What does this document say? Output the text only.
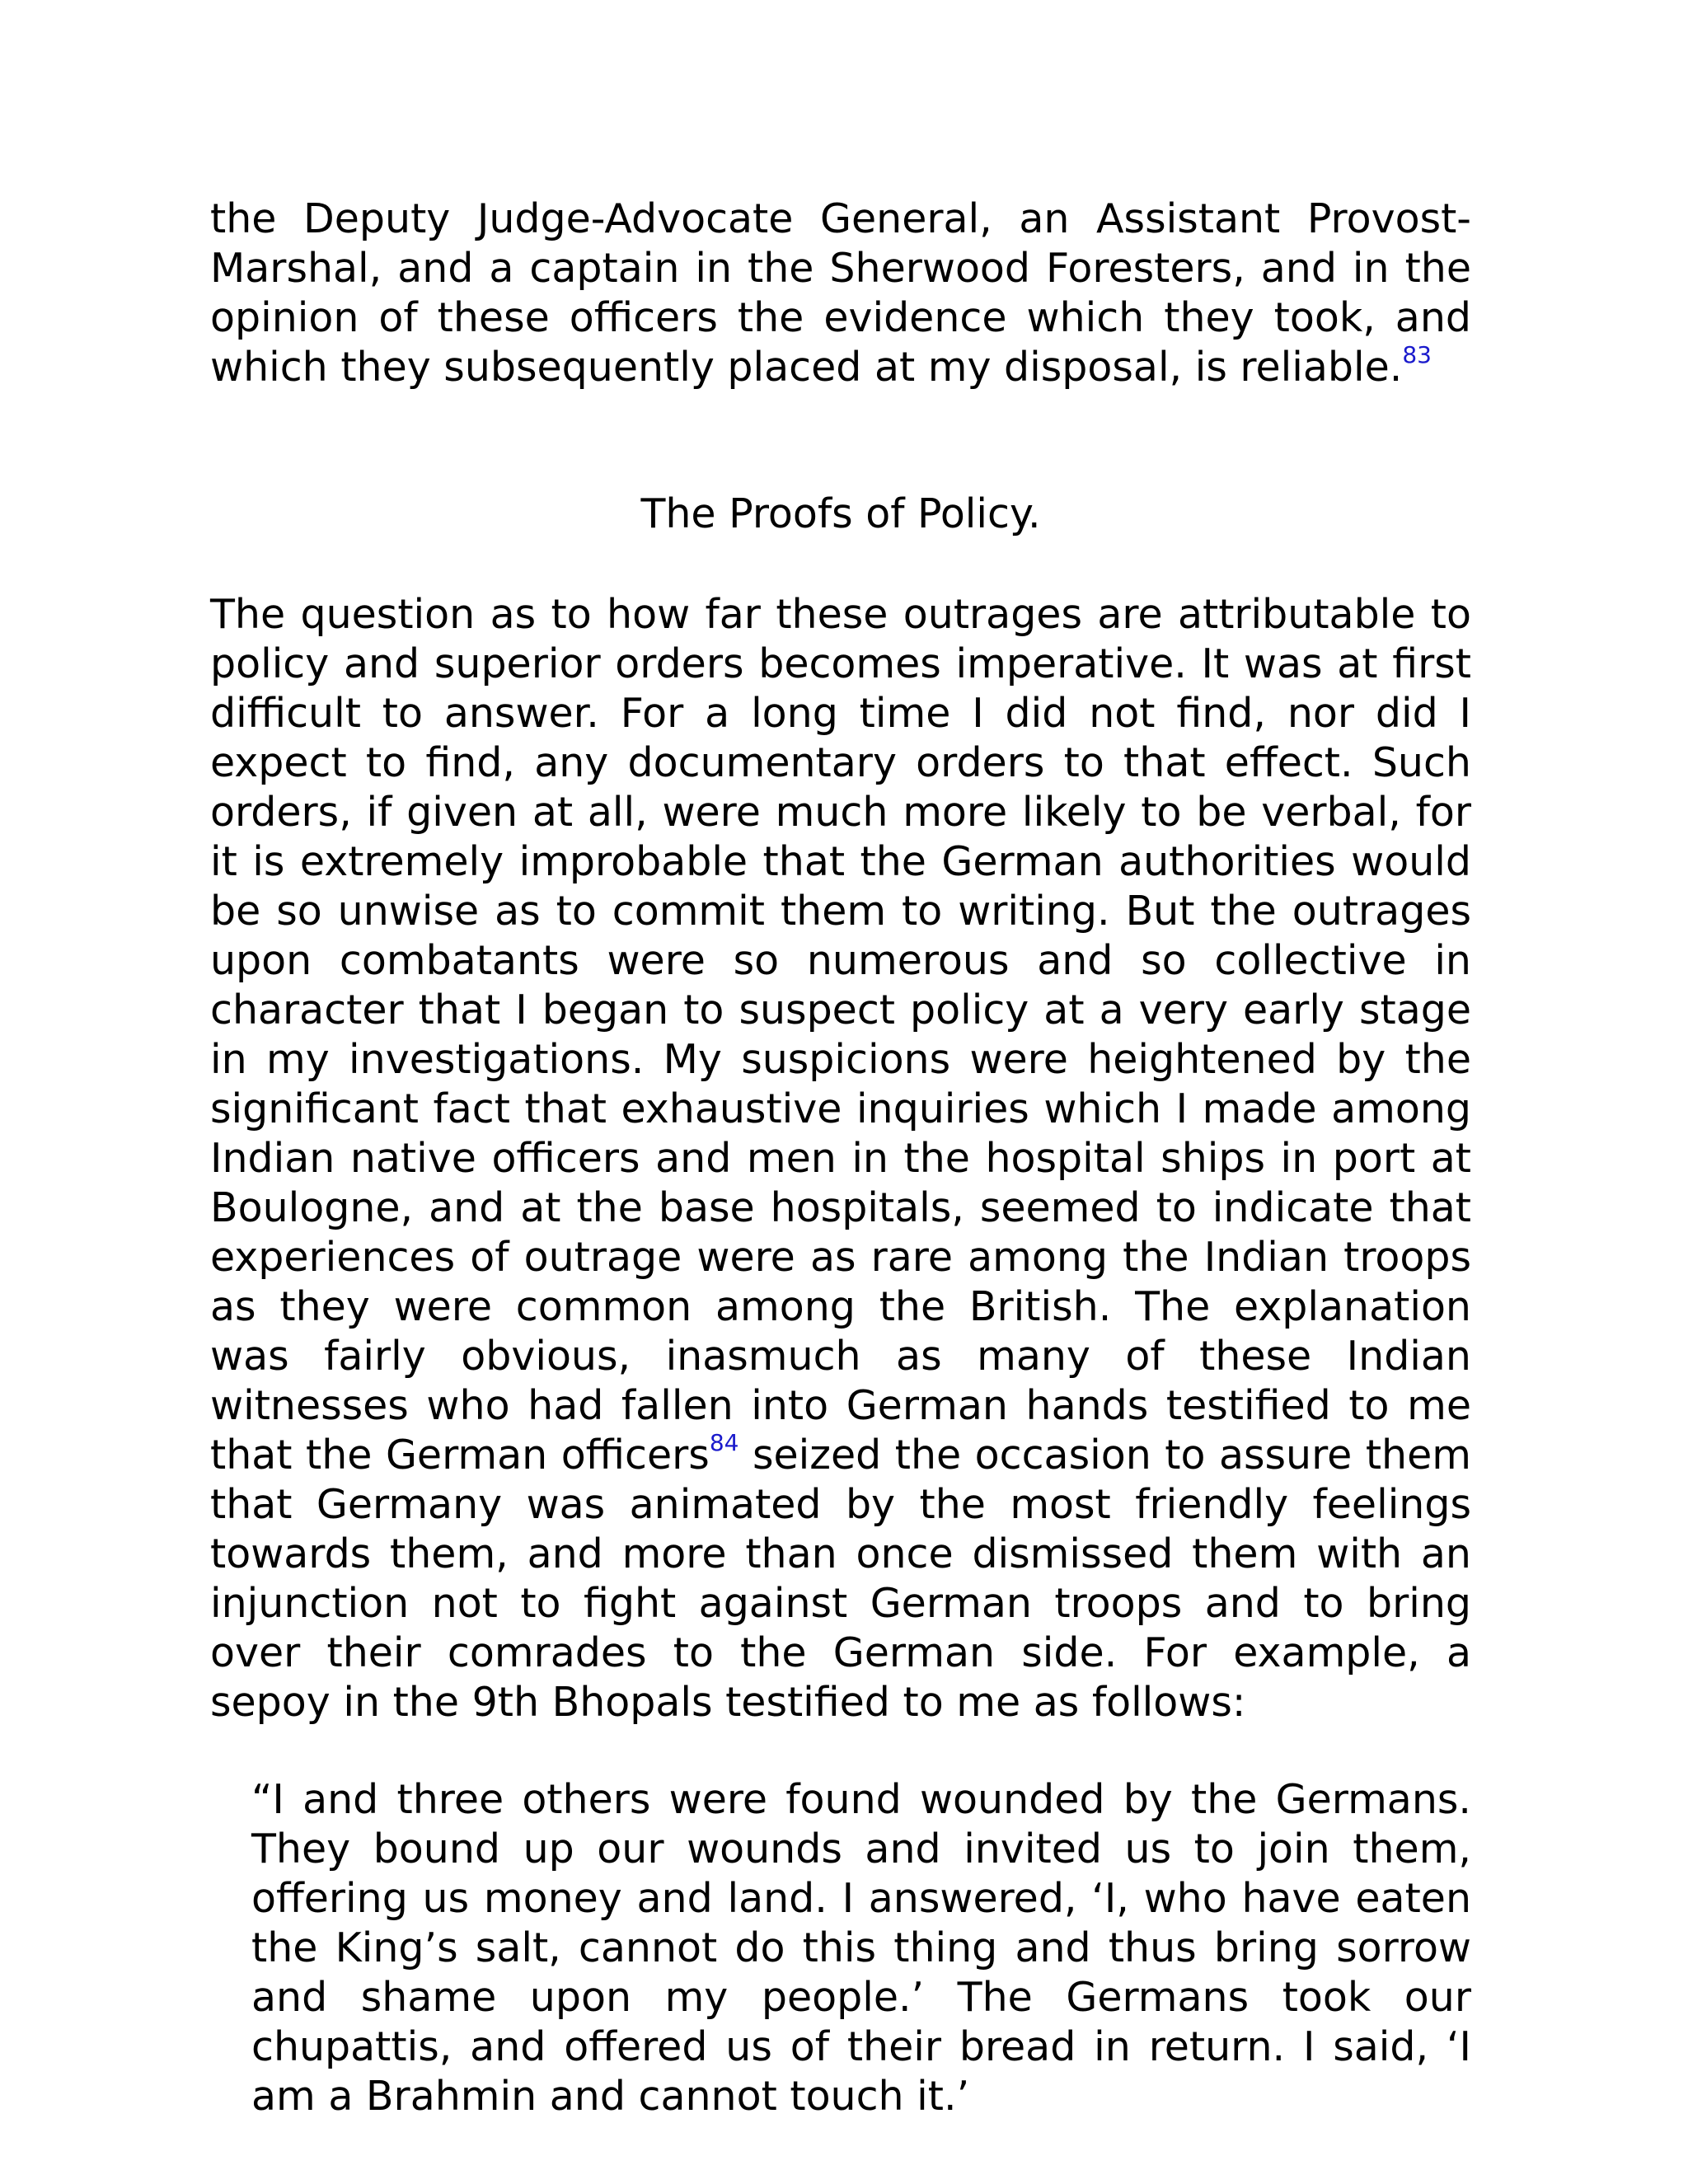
the Deputy Judge-Advocate General, an Assistant Provost-Marshal, and a captain in the Sherwood Foresters, and in the opinion of these officers the evidence which they took, and which they subsequently placed at my disposal, is reliable.$^{83}$

The Proofs of Policy.

The question as to how far these outrages are attributable to policy and superior orders becomes imperative. It was at first difficult to answer. For a long time I did not find, nor did I expect to find, any documentary orders to that effect. Such orders, if given at all, were much more likely to be verbal, for it is extremely improbable that the German authorities would be so unwise as to commit them to writing. But the outrages upon combatants were so numerous and so collective in character that I began to suspect policy at a very early stage in my investigations. My suspicions were heightened by the significant fact that exhaustive inquiries which I made among Indian native officers and men in the hospital ships in port at Boulogne, and at the base hospitals, seemed to indicate that experiences of outrage were as rare among the Indian troops as they were common among the British. The explanation was fairly obvious, inasmuch as many of these Indian witnesses who had fallen into German hands testified to me that the German officers$^{84}$ seized the occasion to assure them that Germany was animated by the most friendly feelings towards them, and more than once dismissed them with an injunction not to fight against German troops and to bring over their comrades to the German side. For example, a sepoy in the 9th Bhopals testified to me as follows:

“I and three others were found wounded by the Germans. They bound up our wounds and invited us to join them, offering us money and land. I answered, ‘I, who have eaten the King’s salt, cannot do this thing and thus bring sorrow and shame upon my people.’ The Germans took our chupattis, and offered us of their bread in return. I said, ‘I am a Brahmin and cannot touch it.’
